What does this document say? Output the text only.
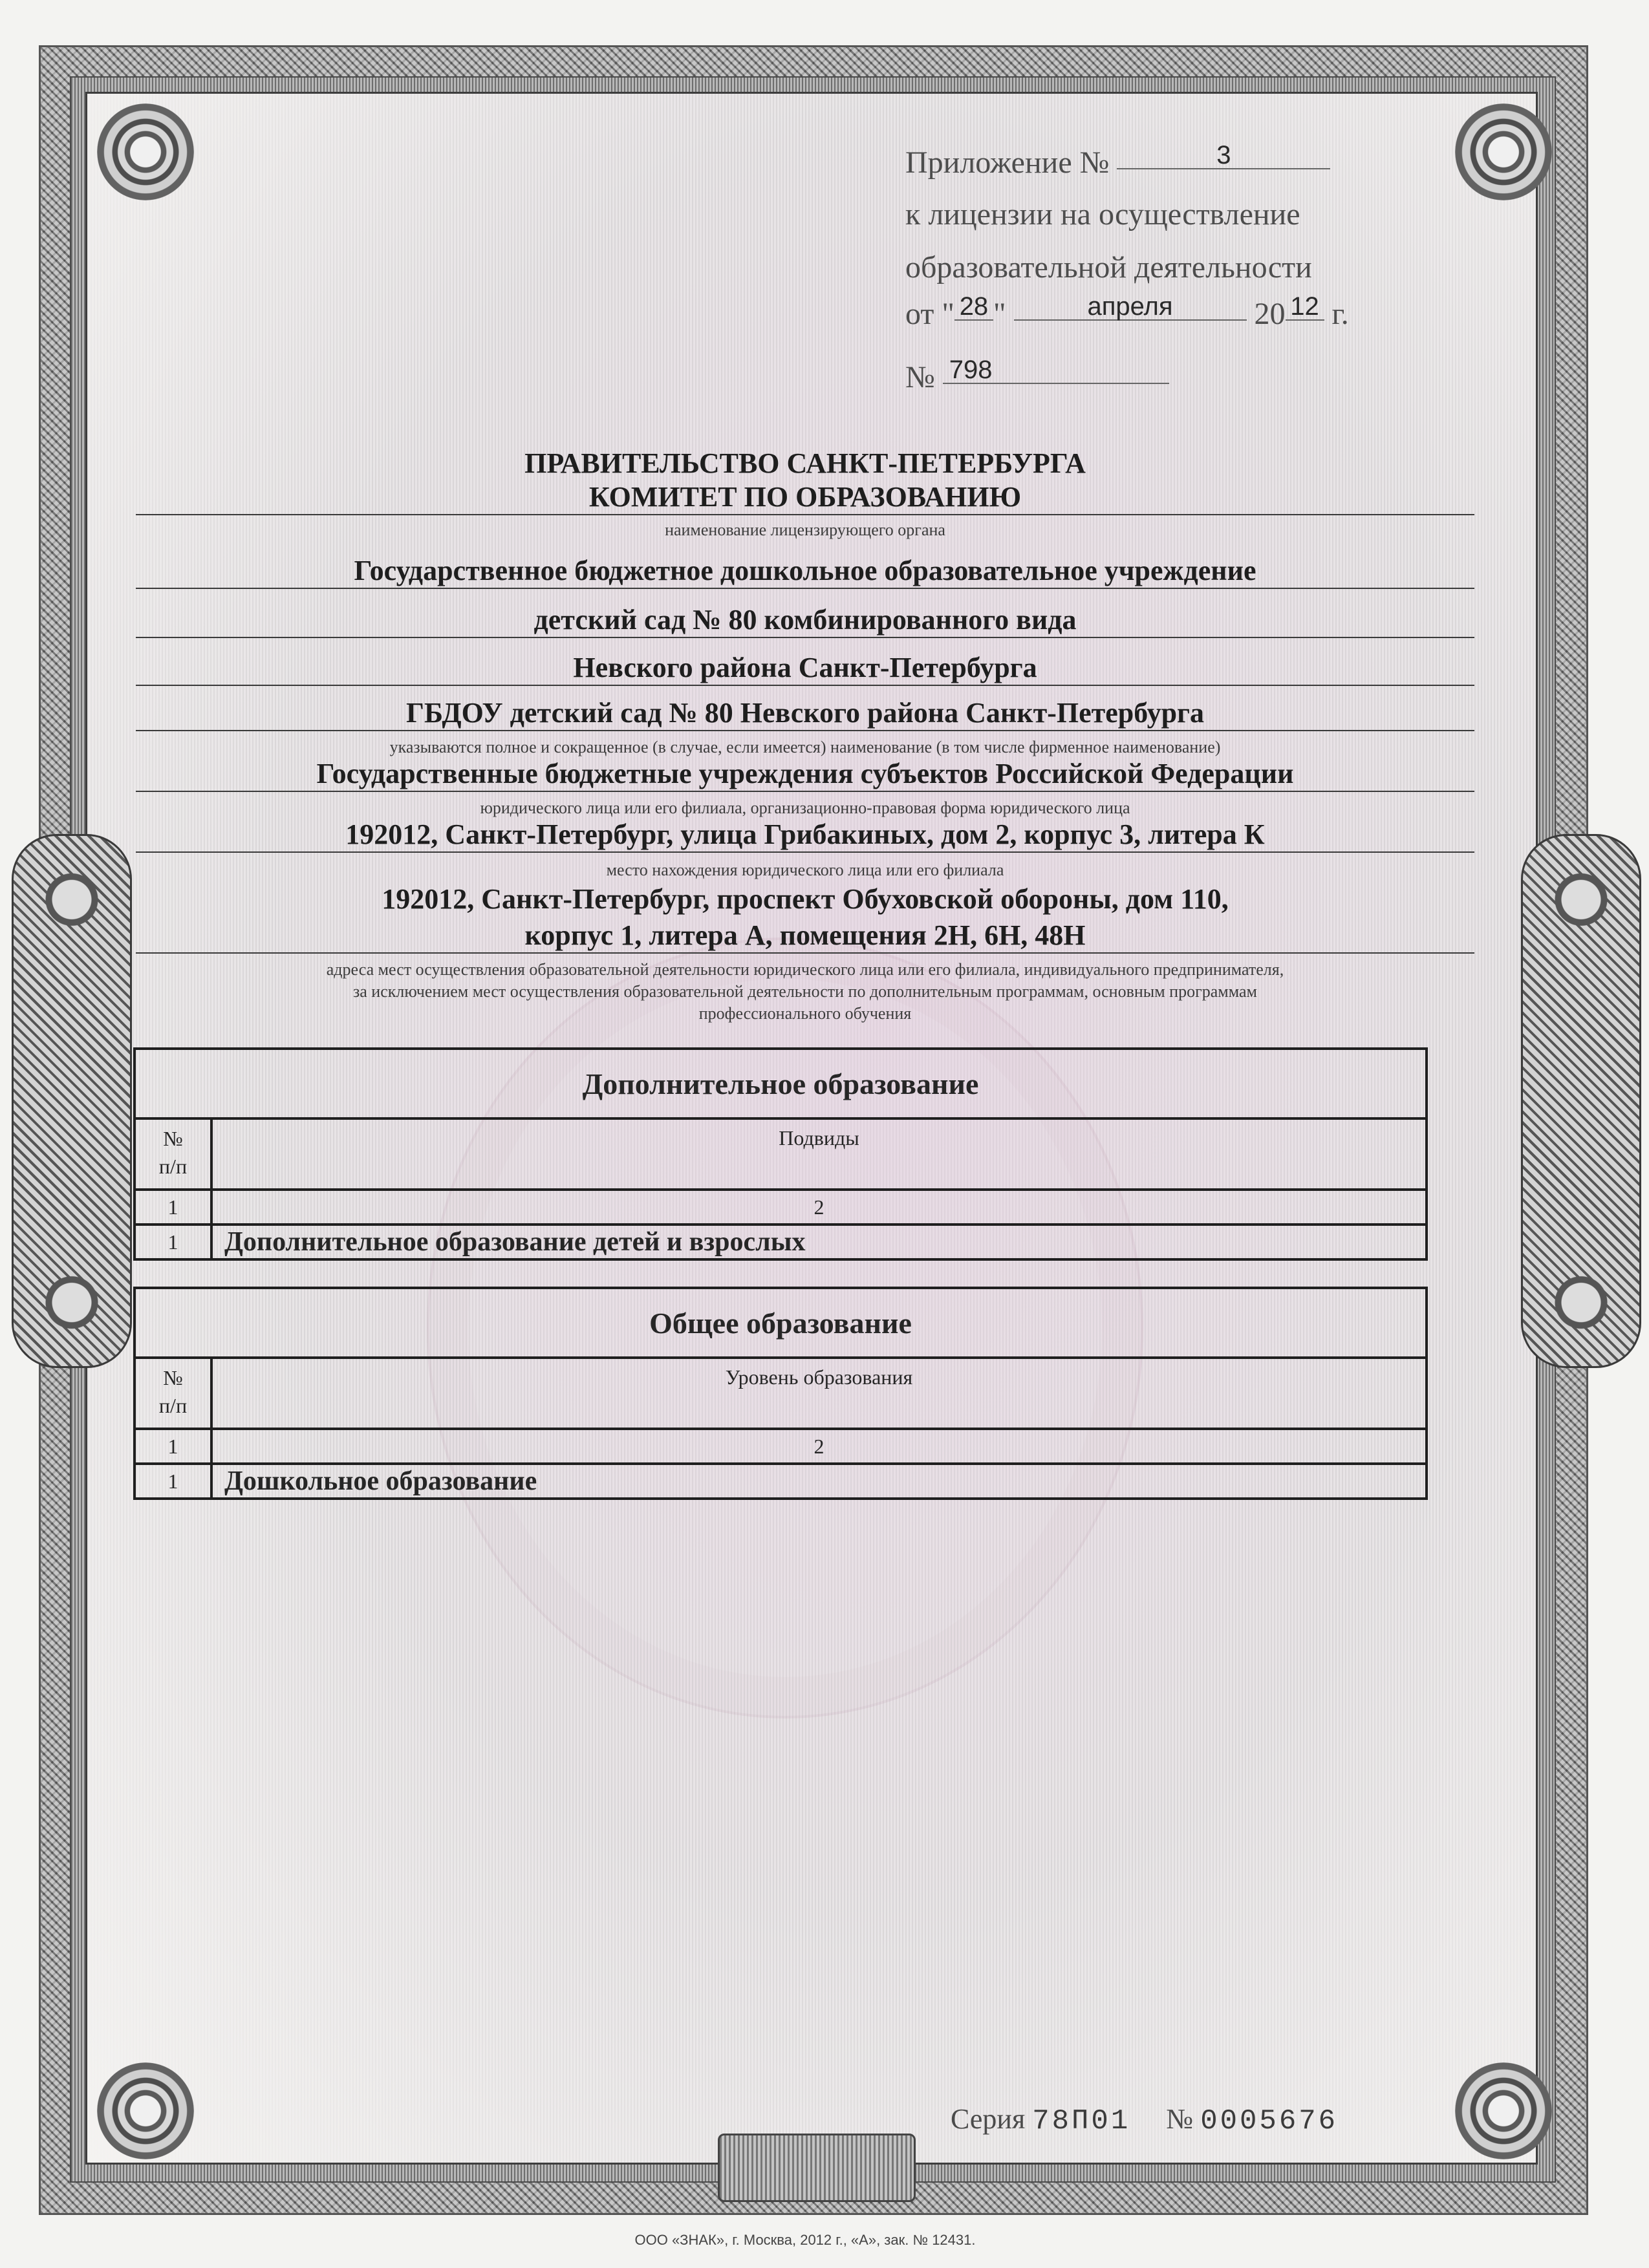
Приложение №	3
к лицензии на осуществление
образовательной деятельности
от " 28 "	апреля	20 12 г.
№ 798
ПРАВИТЕЛЬСТВО САНКТ-ПЕТЕРБУРГА
КОМИТЕТ ПО ОБРАЗОВАНИЮ
наименование лицензирующего органа
Государственное бюджетное дошкольное образовательное учреждение
детский сад № 80 комбинированного вида
Невского района Санкт-Петербурга
ГБДОУ детский сад № 80 Невского района Санкт-Петербурга
указываются полное и сокращенное (в случае, если имеется) наименование (в том числе фирменное наименование)
Государственные бюджетные учреждения субъектов Российской Федерации
юридического лица или его филиала, организационно-правовая форма юридического лица
192012, Санкт-Петербург, улица Грибакиных, дом 2, корпус 3, литера К
место нахождения юридического лица или его филиала
192012, Санкт-Петербург, проспект Обуховской обороны, дом 110,
корпус 1, литера А, помещения 2Н, 6Н, 48Н
адреса мест осуществления образовательной деятельности юридического лица или его филиала, индивидуального предпринимателя,
за исключением мест осуществления образовательной деятельности по дополнительным программам, основным программам
профессионального обучения
Дополнительное образование	
№
п/п	Подвиды
1	2
1	Дополнительное образование детей и взрослых
Общее образование	
№
п/п	Уровень образования
1	2
1	Дошкольное образование
Серия 78П01 № 0005676
ООО «ЗНАК», г. Москва, 2012 г., «А», зак. № 12431.
